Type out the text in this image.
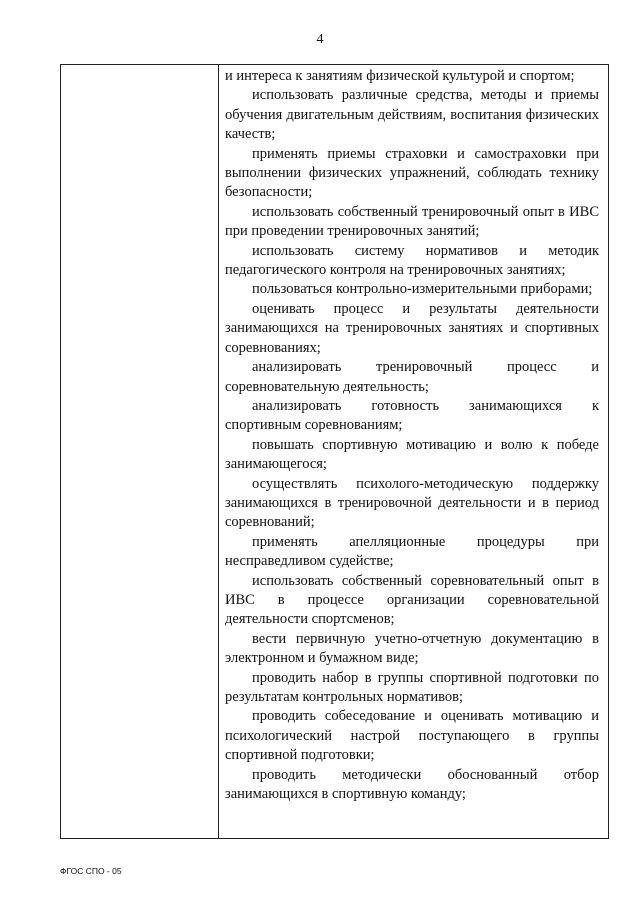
4

и интереса к занятиям физической культурой и спортом;

использовать различные средства, методы и приемы обучения двигательным действиям, воспитания физических качеств;

применять приемы страховки и самостраховки при выполнении физических упражнений, соблюдать технику безопасности;

использовать собственный тренировочный опыт в ИВС при проведении тренировочных занятий;

использовать систему нормативов и методик педагогического контроля на тренировочных занятиях;

пользоваться контрольно-измерительными приборами;

оценивать процесс и результаты деятельности занимающихся на тренировочных занятиях и спортивных соревнованиях;

анализировать тренировочный процесс и соревновательную деятельность;

анализировать готовность занимающихся к спортивным соревнованиям;

повышать спортивную мотивацию и волю к победе занимающегося;

осуществлять психолого-методическую поддержку занимающихся в тренировочной деятельности и в период соревнований;

применять апелляционные процедуры при несправедливом судействе;

использовать собственный соревновательный опыт в ИВС в процессе организации соревновательной деятельности спортсменов;

вести первичную учетно-отчетную документацию в электронном и бумажном виде;

проводить набор в группы спортивной подготовки по результатам контрольных нормативов;

проводить собеседование и оценивать мотивацию и психологический настрой поступающего в группы спортивной подготовки;

проводить методически обоснованный отбор занимающихся в спортивную команду;

ФГОС СПО - 05
